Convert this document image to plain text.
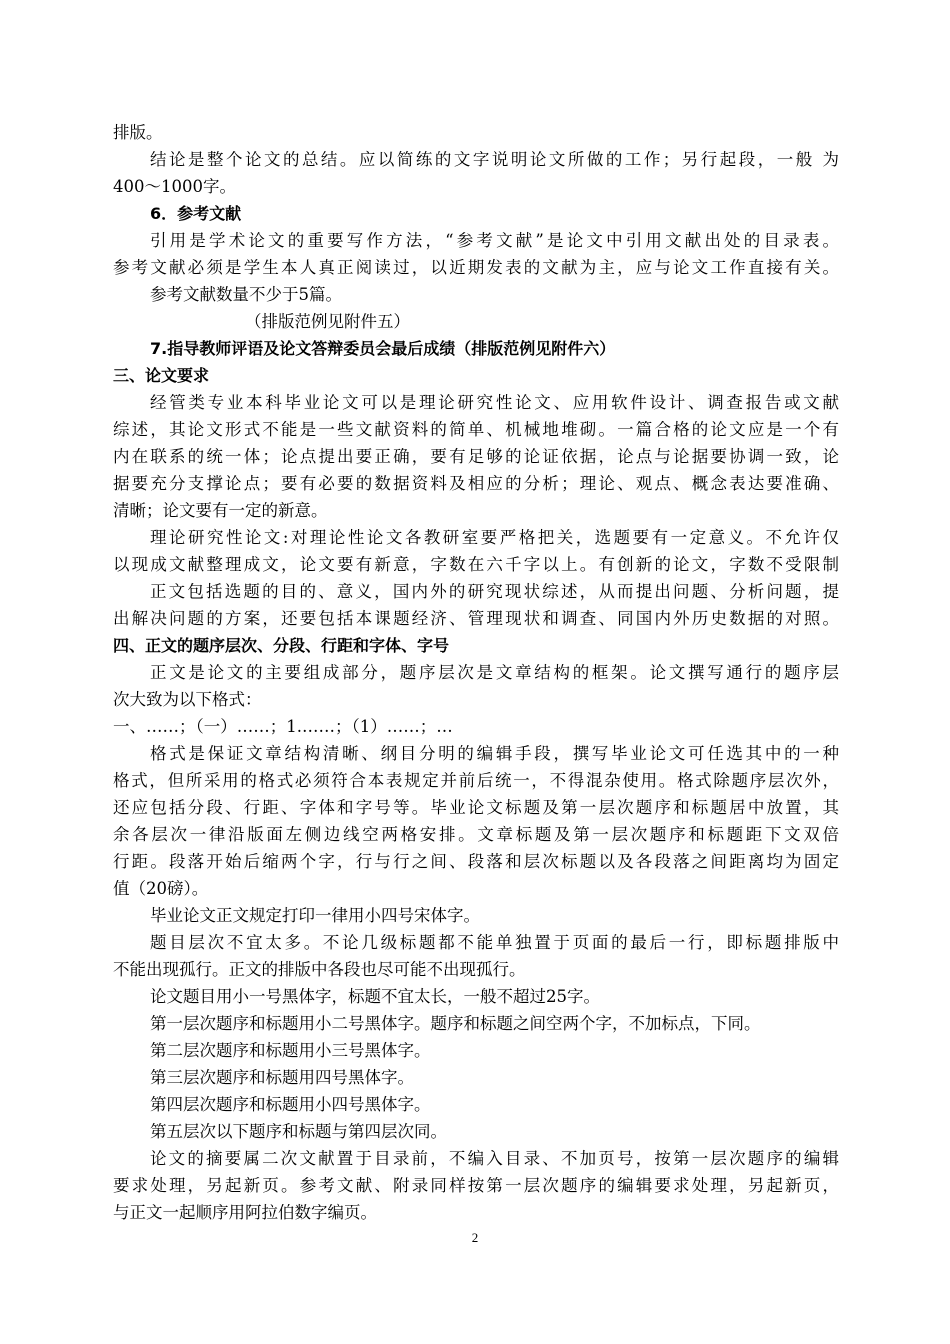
排版。
结论是整个论文的总结。应以简练的文字说明论文所做的工作；另行起段，一般 为
400～1000字。
6．参考文献
引用是学术论文的重要写作方法，“参考文献”是论文中引用文献出处的目录表。
参考文献必须是学生本人真正阅读过，以近期发表的文献为主，应与论文工作直接有关。
参考文献数量不少于5篇。
（排版范例见附件五）
7.指导教师评语及论文答辩委员会最后成绩（排版范例见附件六）
三、论文要求
经管类专业本科毕业论文可以是理论研究性论文、应用软件设计、调查报告或文献
综述，其论文形式不能是一些文献资料的简单、机械地堆砌。一篇合格的论文应是一个有
内在联系的统一体；论点提出要正确，要有足够的论证依据，论点与论据要协调一致，论
据要充分支撑论点；要有必要的数据资料及相应的分析；理论、观点、概念表达要准确、
清晰；论文要有一定的新意。
理论研究性论文:对理论性论文各教研室要严格把关，选题要有一定意义。不允许仅
以现成文献整理成文，论文要有新意，字数在六千字以上。有创新的论文，字数不受限制
正文包括选题的目的、意义，国内外的研究现状综述，从而提出问题、分析问题，提
出解决问题的方案，还要包括本课题经济、管理现状和调查、同国内外历史数据的对照。
四、正文的题序层次、分段、行距和字体、字号
正文是论文的主要组成部分，题序层次是文章结构的框架。论文撰写通行的题序层
次大致为以下格式：
一、……；（一）……；1.……；（1）……；…
格式是保证文章结构清晰、纲目分明的编辑手段，撰写毕业论文可任选其中的一种
格式，但所采用的格式必须符合本表规定并前后统一，不得混杂使用。格式除题序层次外，
还应包括分段、行距、字体和字号等。毕业论文标题及第一层次题序和标题居中放置，其
余各层次一律沿版面左侧边线空两格安排。文章标题及第一层次题序和标题距下文双倍
行距。段落开始后缩两个字，行与行之间、段落和层次标题以及各段落之间距离均为固定
值（20磅）。
毕业论文正文规定打印一律用小四号宋体字。
题目层次不宜太多。不论几级标题都不能单独置于页面的最后一行，即标题排版中
不能出现孤行。正文的排版中各段也尽可能不出现孤行。
论文题目用小一号黑体字，标题不宜太长，一般不超过25字。
第一层次题序和标题用小二号黑体字。题序和标题之间空两个字，不加标点，下同。
第二层次题序和标题用小三号黑体字。
第三层次题序和标题用四号黑体字。
第四层次题序和标题用小四号黑体字。
第五层次以下题序和标题与第四层次同。
论文的摘要属二次文献置于目录前，不编入目录、不加页号，按第一层次题序的编辑
要求处理，另起新页。参考文献、附录同样按第一层次题序的编辑要求处理，另起新页，
与正文一起顺序用阿拉伯数字编页。
2
